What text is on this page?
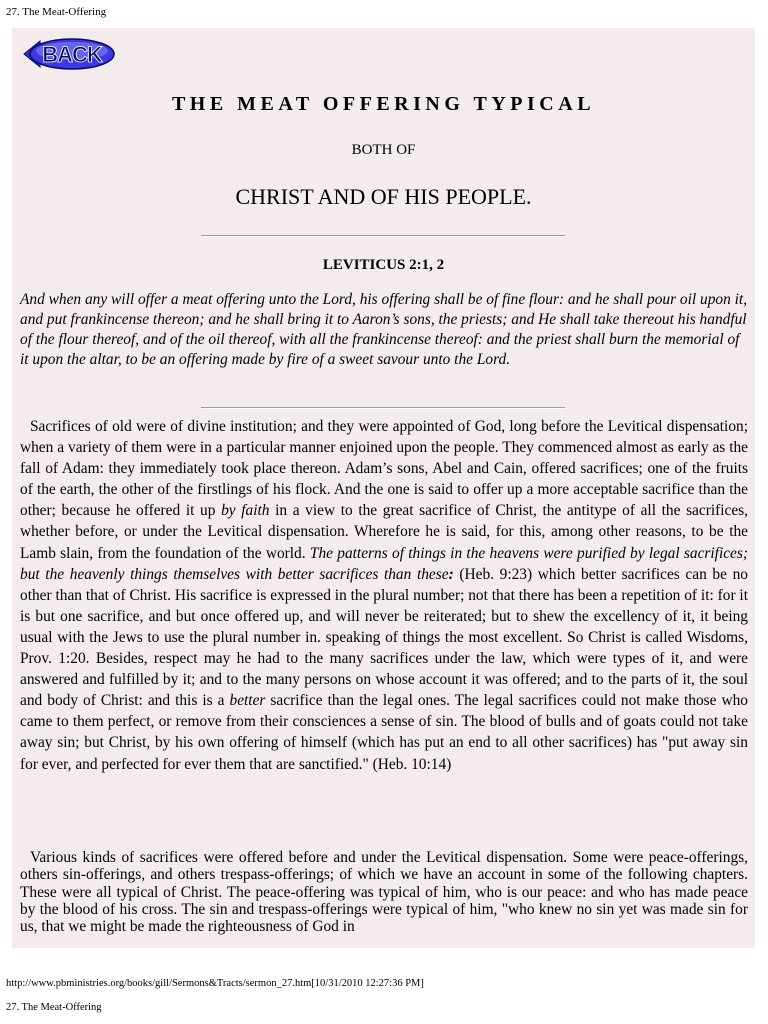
27. The Meat-Offering
BACK
THE MEAT OFFERING TYPICAL
BOTH OF
CHRIST AND OF HIS PEOPLE.
LEVITICUS 2:1, 2

And when any will offer a meat offering unto the Lord, his offering shall be of fine flour: and he shall pour oil upon it, and put frankincense thereon; and he shall bring it to Aaron’s sons, the priests; and He shall take thereout his handful of the flour thereof, and of the oil thereof, with all the frankincense thereof: and the priest shall burn the memorial of it upon the altar, to be an offering made by fire of a sweet savour unto the Lord.

Sacrifices of old were of divine institution; and they were appointed of God, long before the Levitical dispensation; when a variety of them were in a particular manner enjoined upon the people. They commenced almost as early as the fall of Adam: they immediately took place thereon. Adam’s sons, Abel and Cain, offered sacrifices; one of the fruits of the earth, the other of the firstlings of his flock. And the one is said to offer up a more acceptable sacrifice than the other; because he offered it up by faith in a view to the great sacrifice of Christ, the antitype of all the sacrifices, whether before, or under the Levitical dispensation. Wherefore he is said, for this, among other reasons, to be the Lamb slain, from the foundation of the world. The patterns of things in the heavens were purified by legal sacrifices; but the heavenly things themselves with better sacrifices than these: (Heb. 9:23) which better sacrifices can be no other than that of Christ. His sacrifice is expressed in the plural number; not that there has been a repetition of it: for it is but one sacrifice, and but once offered up, and will never be reiterated; but to shew the excellency of it, it being usual with the Jews to use the plural number in. speaking of things the most excellent. So Christ is called Wisdoms, Prov. 1:20. Besides, respect may he had to the many sacrifices under the law, which were types of it, and were answered and fulfilled by it; and to the many persons on whose account it was offered; and to the parts of it, the soul and body of Christ: and this is a better sacrifice than the legal ones. The legal sacrifices could not make those who came to them perfect, or remove from their consciences a sense of sin. The blood of bulls and of goats could not take away sin; but Christ, by his own offering of himself (which has put an end to all other sacrifices) has "put away sin for ever, and perfected for ever them that are sanctified." (Heb. 10:14)

Various kinds of sacrifices were offered before and under the Levitical dispensation. Some were peace-offerings, others sin-offerings, and others trespass-offerings; of which we have an account in some of the following chapters. These were all typical of Christ. The peace-offering was typical of him, who is our peace: and who has made peace by the blood of his cross. The sin and trespass-offerings were typical of him, "who knew no sin yet was made sin for us, that we might be made the righteousness of God in

http://www.pbministries.org/books/gill/Sermons&Tracts/sermon_27.htm[10/31/2010 12:27:36 PM]
27. The Meat-Offering
